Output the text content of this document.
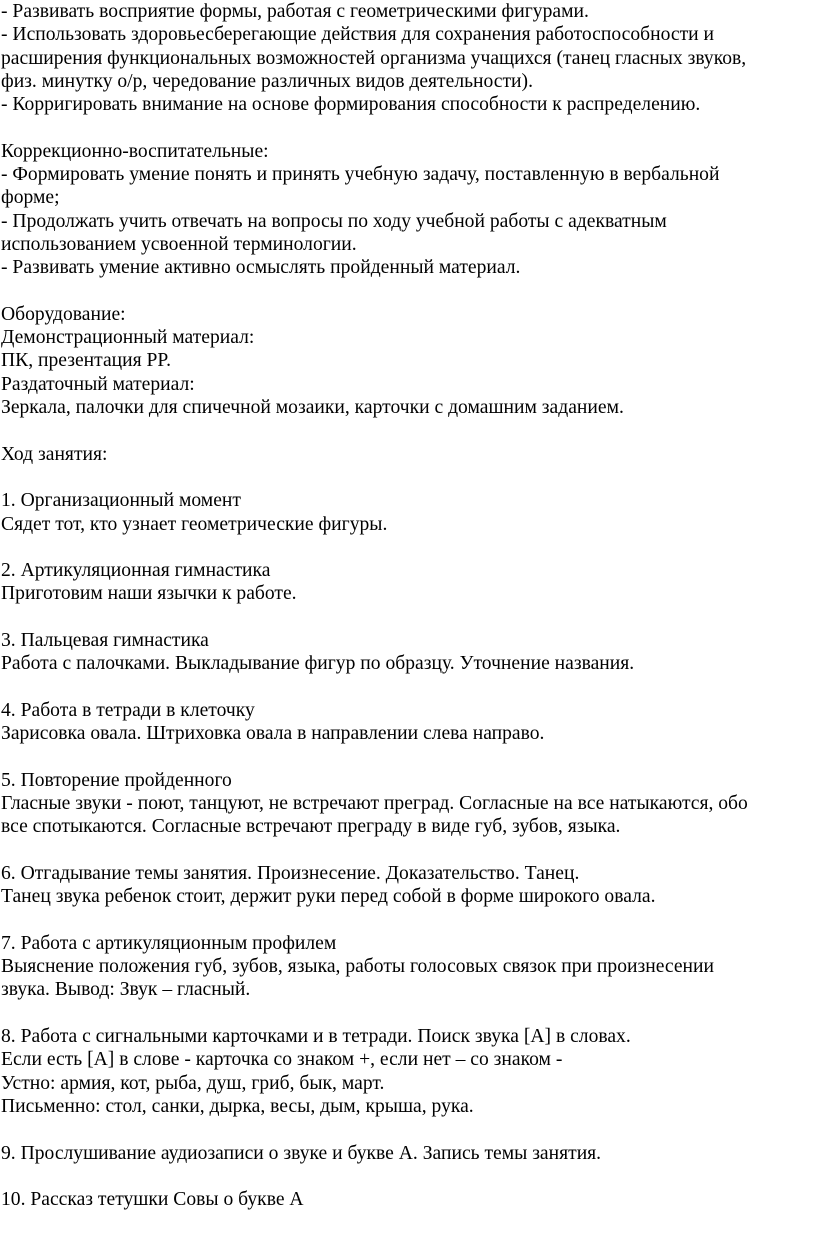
- Развивать восприятие формы, работая с геометрическими фигурами.
- Использовать здоровьесберегающие действия для сохранения работоспособности и
расширения функциональных возможностей организма учащихся (танец гласных звуков,
физ. минутку о/р, чередование различных видов деятельности).
- Корригировать внимание на основе формирования способности к распределению.
Коррекционно-воспитательные:
- Формировать умение понять и принять учебную задачу, поставленную в вербальной
форме;
- Продолжать учить отвечать на вопросы по ходу учебной работы с адекватным
использованием усвоенной терминологии.
- Развивать умение активно осмыслять пройденный материал.
Оборудование:
Демонстрационный материал:
ПК, презентация PP.
Раздаточный материал:
Зеркала, палочки для спичечной мозаики, карточки с домашним заданием.
Ход занятия:
1. Организационный момент
Сядет тот, кто узнает геометрические фигуры.
2. Артикуляционная гимнастика
Приготовим наши язычки к работе.
3. Пальцевая гимнастика
Работа с палочками. Выкладывание фигур по образцу. Уточнение названия.
4. Работа в тетради в клеточку
Зарисовка овала. Штриховка овала в направлении слева направо.
5. Повторение пройденного
Гласные звуки - поют, танцуют, не встречают преград. Согласные на все натыкаются, обо
все спотыкаются. Согласные встречают преграду в виде губ, зубов, языка.
6. Отгадывание темы занятия. Произнесение. Доказательство. Танец.
Танец звука ребенок стоит, держит руки перед собой в форме широкого овала.
7. Работа с артикуляционным профилем
Выяснение положения губ, зубов, языка, работы голосовых связок при произнесении
звука. Вывод: Звук – гласный.
8. Работа с сигнальными карточками и в тетради. Поиск звука [А] в словах.
Если есть [А] в слове - карточка со знаком +, если нет – со знаком -
Устно: армия, кот, рыба, душ, гриб, бык, март.
Письменно: стол, санки, дырка, весы, дым, крыша, рука.
9. Прослушивание аудиозаписи о звуке и букве А. Запись темы занятия.
10. Рассказ тетушки Совы о букве А
